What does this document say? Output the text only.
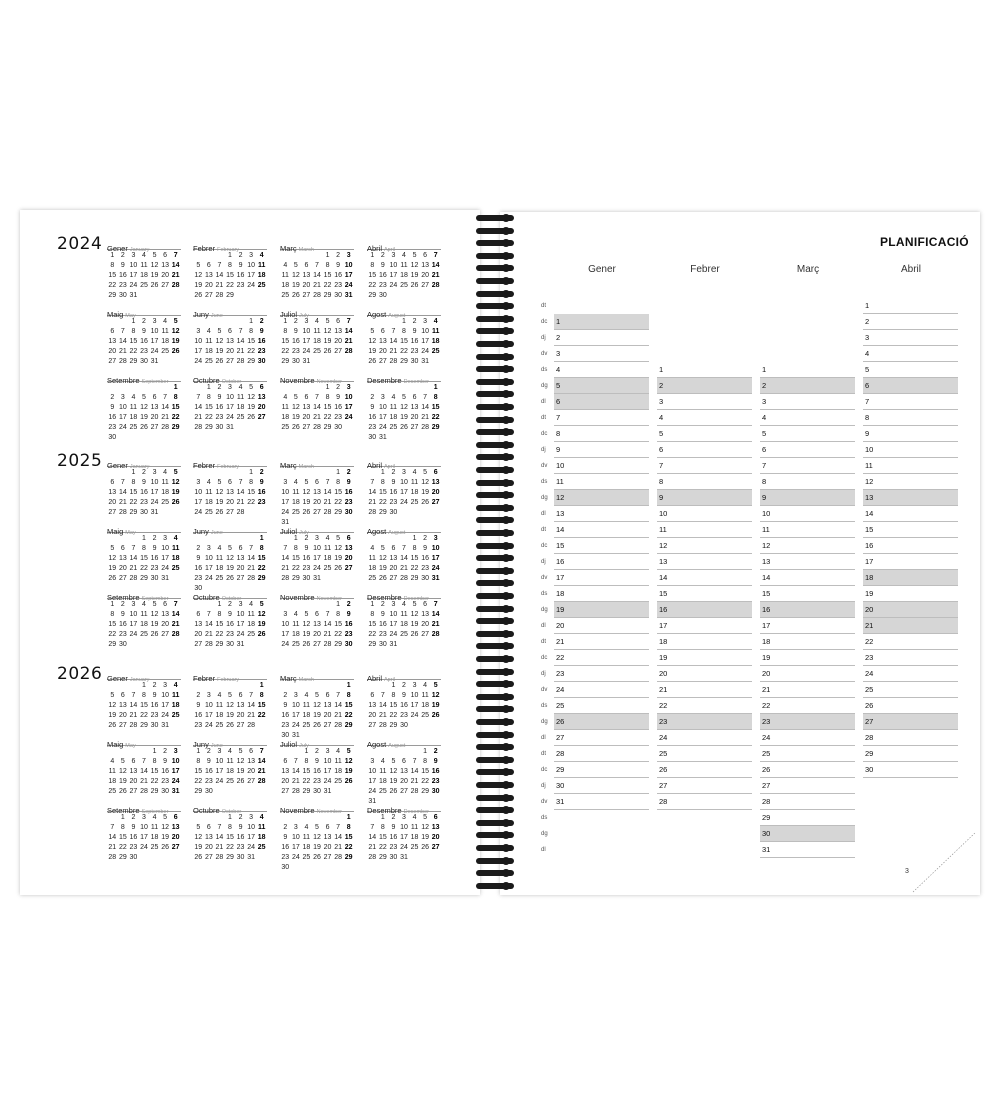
PLANIFICACIÓ
3
2024 Gener January
1 2 3 4 5 6 7
8 9 10 11 12 13 14
15 16 17 18 19 20 21
22 23 24 25 26 27 28
29 30 31
Febrer February
1 2 3 4
5 6 7 8 9 10 11
12 13 14 15 16 17 18
19 20 21 22 23 24 25
26 27 28 29
Març March
1 2 3
4 5 6 7 8 9 10
11 12 13 14 15 16 17
18 19 20 21 22 23 24
25 26 27 28 29 30 31
Abril April
1 2 3 4 5 6 7
8 9 10 11 12 13 14
15 16 17 18 19 20 21
22 23 24 25 26 27 28
29 30
Maig May
1 2 3 4 5
6 7 8 9 10 11 12
13 14 15 16 17 18 19
20 21 22 23 24 25 26
27 28 29 30 31
Juny June
1 2
3 4 5 6 7 8 9
10 11 12 13 14 15 16
17 18 19 20 21 22 23
24 25 26 27 28 29 30
Juliol July
1 2 3 4 5 6 7
8 9 10 11 12 13 14
15 16 17 18 19 20 21
22 23 24 25 26 27 28
29 30 31
Agost August
1 2 3 4
5 6 7 8 9 10 11
12 13 14 15 16 17 18
19 20 21 22 23 24 25
26 27 28 29 30 31
Setembre September
1
2 3 4 5 6 7 8
9 10 11 12 13 14 15
16 17 18 19 20 21 22
23 24 25 26 27 28 29
30
Octubre October
1 2 3 4 5 6
7 8 9 10 11 12 13
14 15 16 17 18 19 20
21 22 23 24 25 26 27
28 29 30 31
Novembre November
1 2 3
4 5 6 7 8 9 10
11 12 13 14 15 16 17
18 19 20 21 22 23 24
25 26 27 28 29 30
Desembre December
1
2 3 4 5 6 7 8
9 10 11 12 13 14 15
16 17 18 19 20 21 22
23 24 25 26 27 28 29
30 31
2025 Gener January
1 2 3 4 5
6 7 8 9 10 11 12
13 14 15 16 17 18 19
20 21 22 23 24 25 26
27 28 29 30 31
Febrer February
1 2
3 4 5 6 7 8 9
10 11 12 13 14 15 16
17 18 19 20 21 22 23
24 25 26 27 28
Març March
1 2
3 4 5 6 7 8 9
10 11 12 13 14 15 16
17 18 19 20 21 22 23
24 25 26 27 28 29 30
31
Abril April
1 2 3 4 5 6
7 8 9 10 11 12 13
14 15 16 17 18 19 20
21 22 23 24 25 26 27
28 29 30
Maig May
1 2 3 4
5 6 7 8 9 10 11
12 13 14 15 16 17 18
19 20 21 22 23 24 25
26 27 28 29 30 31
Juny June
1
2 3 4 5 6 7 8
9 10 11 12 13 14 15
16 17 18 19 20 21 22
23 24 25 26 27 28 29
30
Juliol July
1 2 3 4 5 6
7 8 9 10 11 12 13
14 15 16 17 18 19 20
21 22 23 24 25 26 27
28 29 30 31
Agost August
1 2 3
4 5 6 7 8 9 10
11 12 13 14 15 16 17
18 19 20 21 22 23 24
25 26 27 28 29 30 31
Setembre September
1 2 3 4 5 6 7
8 9 10 11 12 13 14
15 16 17 18 19 20 21
22 23 24 25 26 27 28
29 30
Octubre October
1 2 3 4 5
6 7 8 9 10 11 12
13 14 15 16 17 18 19
20 21 22 23 24 25 26
27 28 29 30 31
Novembre November
1 2
3 4 5 6 7 8 9
10 11 12 13 14 15 16
17 18 19 20 21 22 23
24 25 26 27 28 29 30
Desembre December
1 2 3 4 5 6 7
8 9 10 11 12 13 14
15 16 17 18 19 20 21
22 23 24 25 26 27 28
29 30 31
2026 Gener January
1 2 3 4
5 6 7 8 9 10 11
12 13 14 15 16 17 18
19 20 21 22 23 24 25
26 27 28 29 30 31
Febrer February
1
2 3 4 5 6 7 8
9 10 11 12 13 14 15
16 17 18 19 20 21 22
23 24 25 26 27 28
Març March
1
2 3 4 5 6 7 8
9 10 11 12 13 14 15
16 17 18 19 20 21 22
23 24 25 26 27 28 29
30 31
Abril April
1 2 3 4 5
6 7 8 9 10 11 12
13 14 15 16 17 18 19
20 21 22 23 24 25 26
27 28 29 30
Maig May
1 2 3
4 5 6 7 8 9 10
11 12 13 14 15 16 17
18 19 20 21 22 23 24
25 26 27 28 29 30 31
Juny June
1 2 3 4 5 6 7
8 9 10 11 12 13 14
15 16 17 18 19 20 21
22 23 24 25 26 27 28
29 30
Juliol July
1 2 3 4 5
6 7 8 9 10 11 12
13 14 15 16 17 18 19
20 21 22 23 24 25 26
27 28 29 30 31
Agost August
1 2
3 4 5 6 7 8 9
10 11 12 13 14 15 16
17 18 19 20 21 22 23
24 25 26 27 28 29 30
31
Setembre September
1 2 3 4 5 6
7 8 9 10 11 12 13
14 15 16 17 18 19 20
21 22 23 24 25 26 27
28 29 30
Octubre October
1 2 3 4
5 6 7 8 9 10 11
12 13 14 15 16 17 18
19 20 21 22 23 24 25
26 27 28 29 30 31
Novembre November
1
2 3 4 5 6 7 8
9 10 11 12 13 14 15
16 17 18 19 20 21 22
23 24 25 26 27 28 29
30
Desembre December
1 2 3 4 5 6
7 8 9 10 11 12 13
14 15 16 17 18 19 20
21 22 23 24 25 26 27
28 29 30 31
dt
dc
dj
dv
ds
dg
dl
dt
dc
dj
dv
ds
dg
dl
dt
dc
dj
dv
ds
dg
dl
dt
dc
dj
dv
ds
dg
dl
dt
dc
dj
dv
ds
dg
dl
Gener
1
2
3
4
5
6
7
8
9
10
11
12
13
14
15
16
17
18
19
20
21
22
23
24
25
26
27
28
29
30
31
Febrer
1
2
3
4
5
6
7
8
9
10
11
12
13
14
15
16
17
18
19
20
21
22
23
24
25
26
27
28
Març
1
2
3
4
5
6
7
8
9
10
11
12
13
14
15
16
17
18
19
20
21
22
23
24
25
26
27
28
29
30
31
Abril
1
2
3
4
5
6
7
8
9
10
11
12
13
14
15
16
17
18
19
20
21
22
23
24
25
26
27
28
29
30
